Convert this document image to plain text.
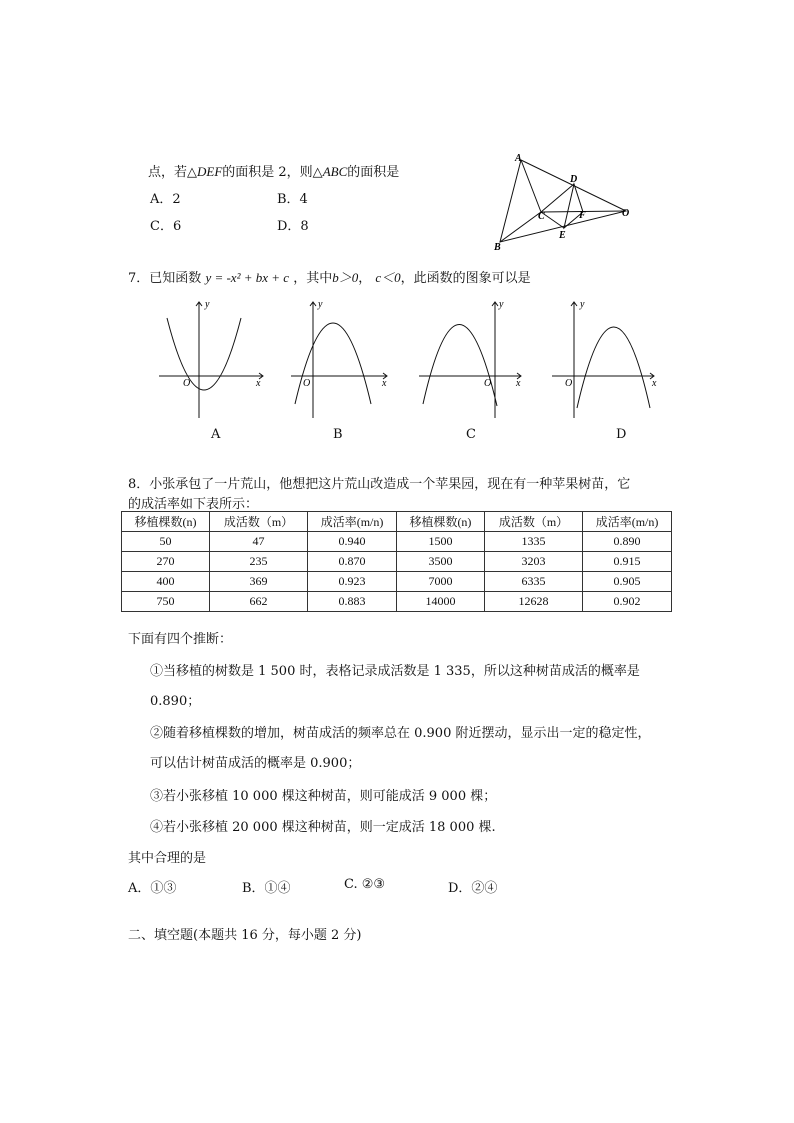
点，若△DEF的面积是 2，则△ABC的面积是
A．2	B．4
C．6	D．8
A
B
C
D
E
F	O
7．已知函数 y = -x² + bx + c ，其中b＞0， c＜0，此函数的图象可以是
O	x
y
A
O	x
y
B
O x
y
C
O	x
y
D
8．小张承包了一片荒山，他想把这片荒山改造成一个苹果园，现在有一种苹果树苗，它
的成活率如下表所示：
移植棵数(n)	成活数（m）	成活率(m/n)	移植棵数(n)	成活数（m）	成活率(m/n)
50	47	0.940	1500	1335	0.890
270	235	0.870	3500	3203	0.915
400	369	0.923	7000	6335	0.905
750	662	0.883	14000	12628	0.902
下面有四个推断：
①当移植的树数是 1 500 时，表格记录成活数是 1 335，所以这种树苗成活的概率是
0.890；
②随着移植棵数的增加，树苗成活的频率总在 0.900 附近摆动，显示出一定的稳定性，
可以估计树苗成活的概率是 0.900；
③若小张移植 10 000 棵这种树苗，则可能成活 9 000 棵；
④若小张移植 20 000 棵这种树苗，则一定成活 18 000 棵.
其中合理的是
A．①③	B．①④	C. ②③	D．②④
二、填空题(本题共 16 分，每小题 2 分)
